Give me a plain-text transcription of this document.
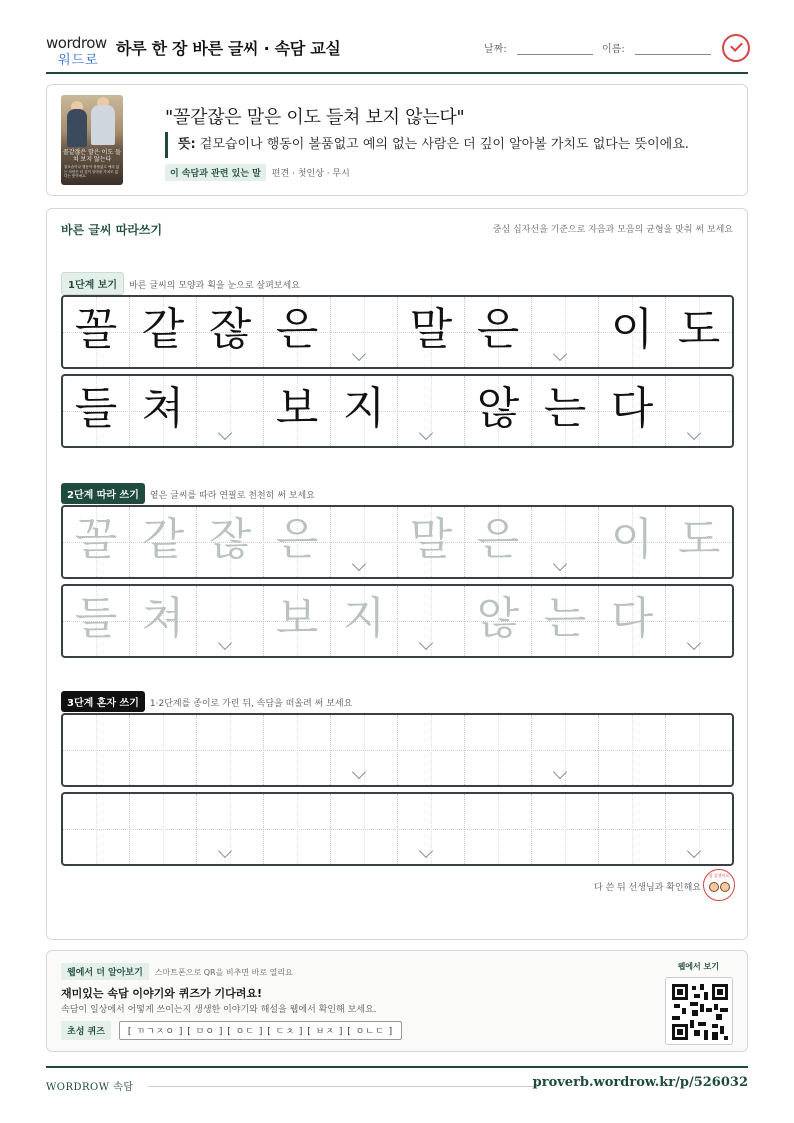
wordrow
워드로
하루 한 장 바른 글씨 · 속담 교실	날짜:	이름:
꼴같잖은 말은 이도 들쳐 보지 않는다
겉모습이나 행동이 볼품없고 예의 없는 사람은 더 깊이 알아볼 가치도 없다는 뜻이에요.
"꼴같잖은 말은 이도 들쳐 보지 않는다"
뜻: 겉모습이나 행동이 볼품없고 예의 없는 사람은 더 깊이 알아볼 가치도 없다는 뜻이에요.
이 속담과 관련 있는 말 편견 · 첫인상 · 무시
바른 글씨 따라쓰기	중심 십자선을 기준으로 자음과 모음의 균형을 맞춰 써 보세요
1단계 보기 바른 글씨의 모양과 획을 눈으로 살펴보세요
꼴 같 잖 은 말 은 이 도
들 쳐 보 지 않 는 다
2단계 따라 쓰기 옅은 글씨를 따라 연필로 천천히 써 보세요
꼴 같 잖 은 말 은 이 도
들 쳐 보 지 않 는 다
3단계 혼자 쓰기 1·2단계를 종이로 가린 뒤, 속담을 떠올려 써 보세요
다 쓴 뒤 선생님과 확인해요
참 잘했어요
웹에서 더 알아보기 스마트폰으로 QR을 비추면 바로 열리요
재미있는 속담 이야기와 퀴즈가 기다려요!
속담이 일상에서 어떻게 쓰이는지 생생한 이야기와 해설을 웹에서 확인해 보세요.
초성 퀴즈	[ ㄲㄱㅈㅇ ] [ ㅁㅇ ] [ ㅇㄷ ] [ ㄷㅊ ] [ ㅂㅈ ] [ ㅇㄴㄷ ]
웹에서 보기
WORDROW 속담	proverb.wordrow.kr/p/526032
